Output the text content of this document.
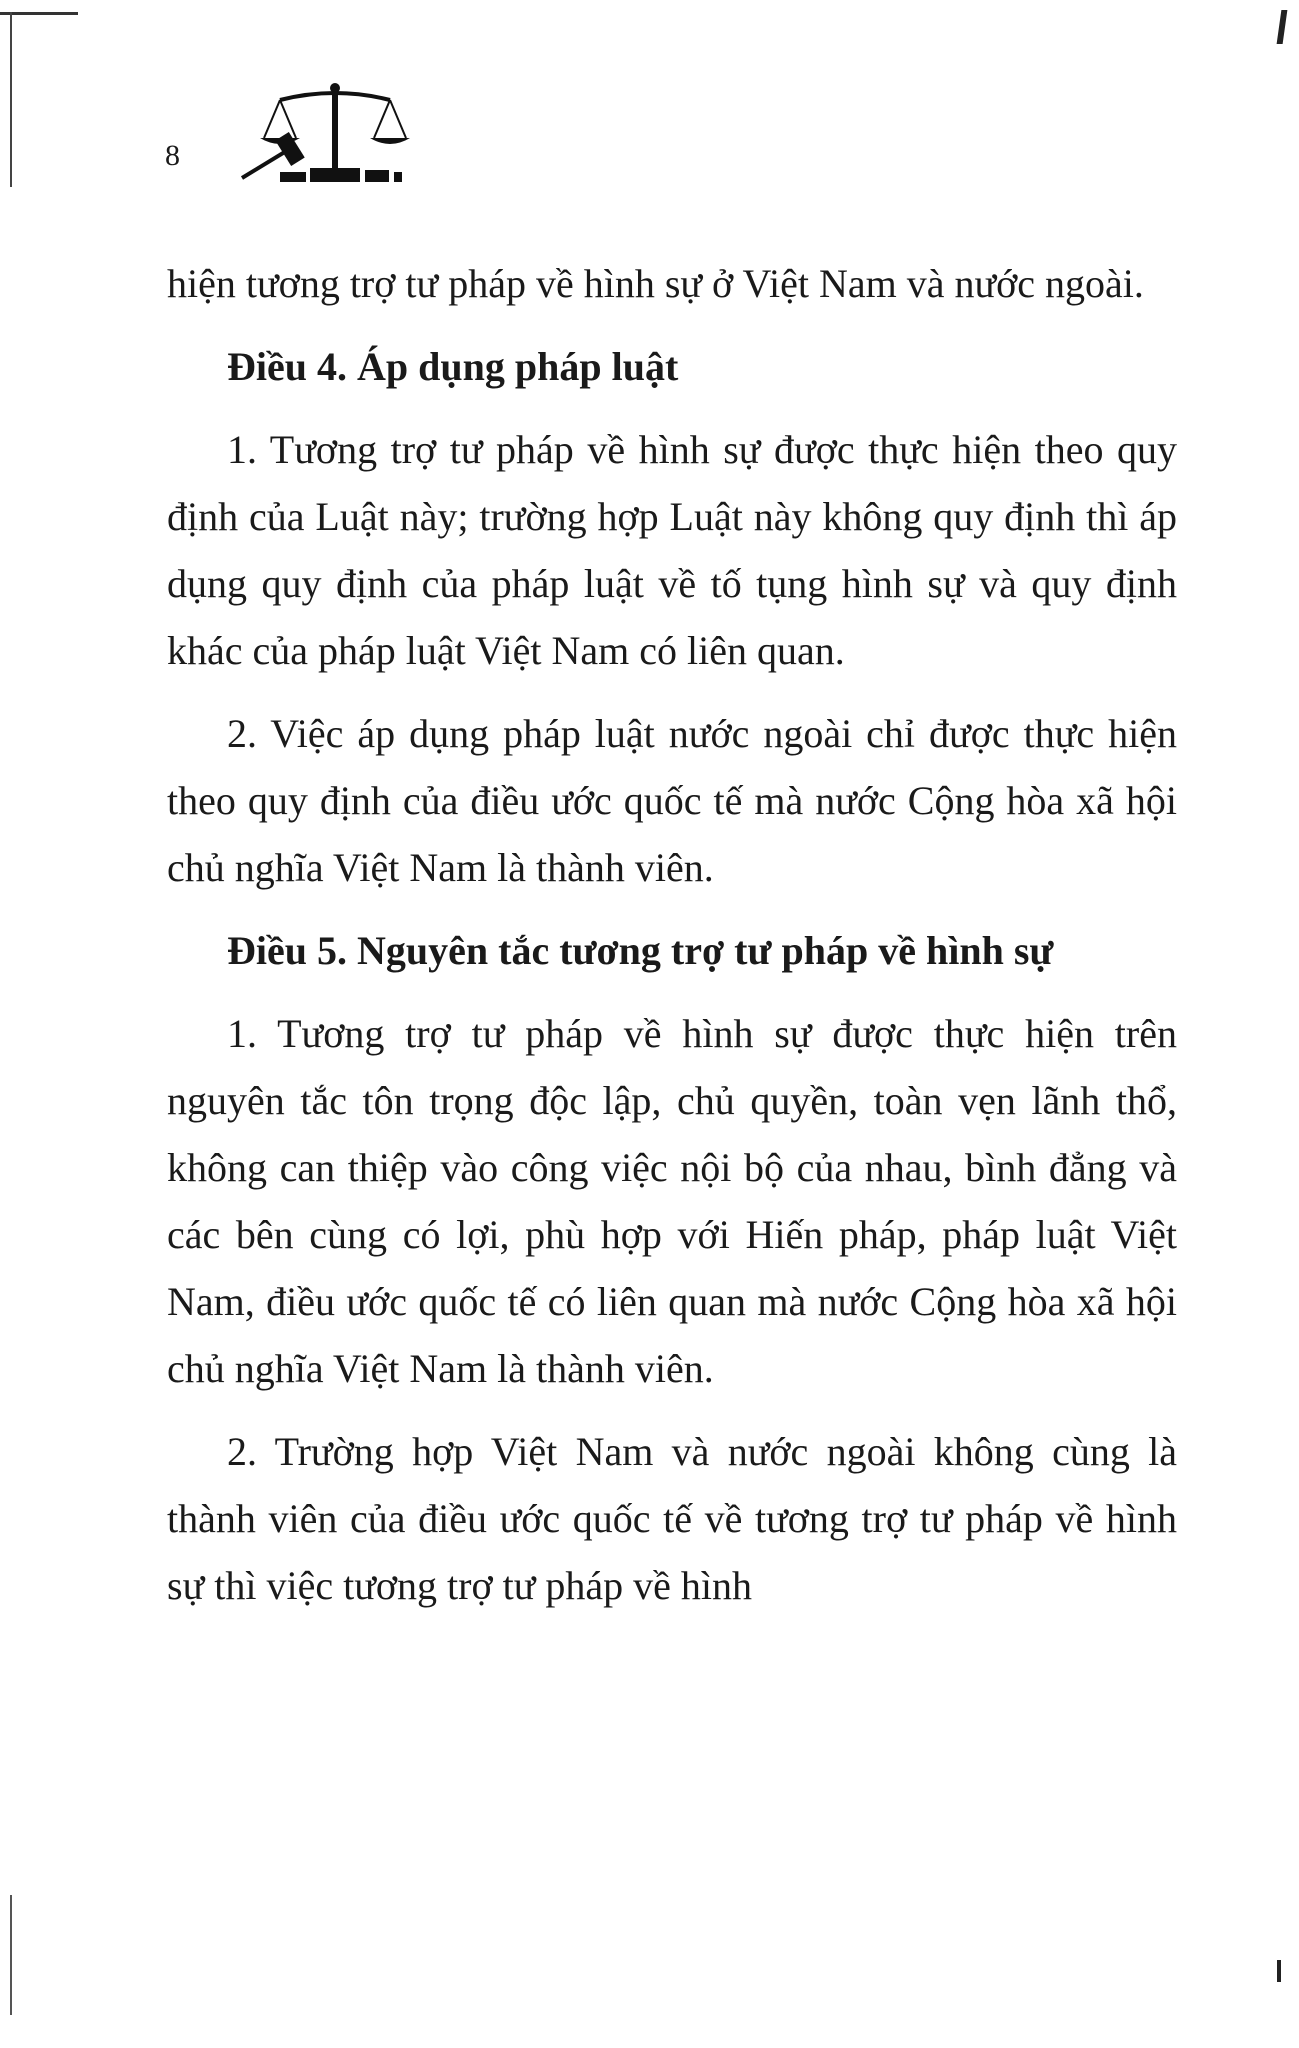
8

hiện tương trợ tư pháp về hình sự ở Việt Nam và nước ngoài.

Điều 4. Áp dụng pháp luật

1. Tương trợ tư pháp về hình sự được thực hiện theo quy định của Luật này; trường hợp Luật này không quy định thì áp dụng quy định của pháp luật về tố tụng hình sự và quy định khác của pháp luật Việt Nam có liên quan.

2. Việc áp dụng pháp luật nước ngoài chỉ được thực hiện theo quy định của điều ước quốc tế mà nước Cộng hòa xã hội chủ nghĩa Việt Nam là thành viên.

Điều 5. Nguyên tắc tương trợ tư pháp về hình sự

1. Tương trợ tư pháp về hình sự được thực hiện trên nguyên tắc tôn trọng độc lập, chủ quyền, toàn vẹn lãnh thổ, không can thiệp vào công việc nội bộ của nhau, bình đẳng và các bên cùng có lợi, phù hợp với Hiến pháp, pháp luật Việt Nam, điều ước quốc tế có liên quan mà nước Cộng hòa xã hội chủ nghĩa Việt Nam là thành viên.

2. Trường hợp Việt Nam và nước ngoài không cùng là thành viên của điều ước quốc tế về tương trợ tư pháp về hình sự thì việc tương trợ tư pháp về hình
